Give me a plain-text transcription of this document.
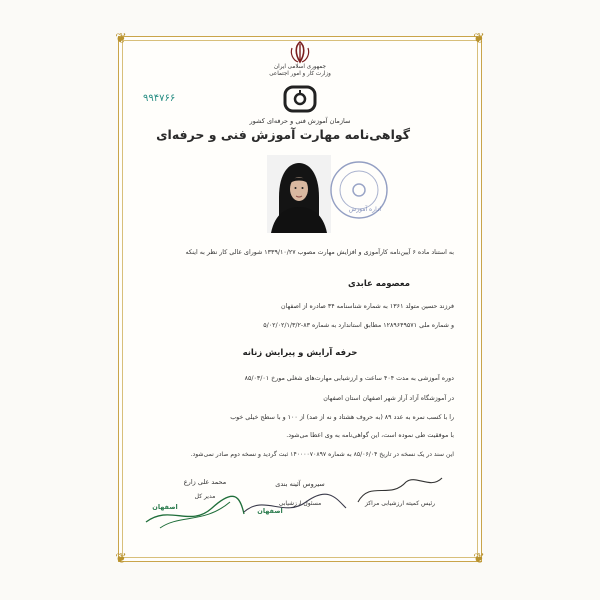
❦	❦
❦	❦
جمهوری اسلامی ایران
وزارت کار و امور اجتماعی
۹۹۴۷۶۶
سازمان آموزش فنی و حرفه‌ای کشور
گواهی‌نامه مهارت آموزش فنی و حرفه‌ای
اداره آموزش
به استناد ماده ۶ آیین‌نامه کارآموزی و افزایش مهارت مصوب ۱۳۳۹/۱۰/۲۷ شورای عالی کار نظر به اینکه
معصومه عابدی
فرزند حسین متولد ۱۳۶۱ به شماره شناسنامه ۳۴ صادره از اصفهان
و شماره ملی ۱۲۸۹۶۴۹۵۷۱ مطابق استاندارد به شماره ۸۳-۵/۰۲/۰۲/۱/۳/۲
حرفه آرایش و پیرایش زنانه
دوره آموزشی به مدت ۴۰۴ ساعت و ارزشیابی مهارت‌های شغلی مورخ ۸۵/۰۳/۰۱
در آموزشگاه آزاد آراز شهر اصفهان استان اصفهان
را با کسب نمره به عدد ۸۹ (به حروف هشتاد و نه از صد) از ۱۰۰ و با سطح خیلی خوب
با موفقیت طی نموده است، این گواهی‌نامه به وی اعطا می‌شود.
این سند در یک نسخه در تاریخ ۸۵/۰۶/۰۴ به شماره ۱۴۰۰۰۰۷۰۸۹۷ ثبت گردید و نسخه دوم صادر نمی‌شود.
محمد علی زارع
مدیر کل
اصفهان
سیروس آئینه بندی
مسئول ارزشیابی
اصفهان
رئیس کمیته ارزشیابی مراکز
